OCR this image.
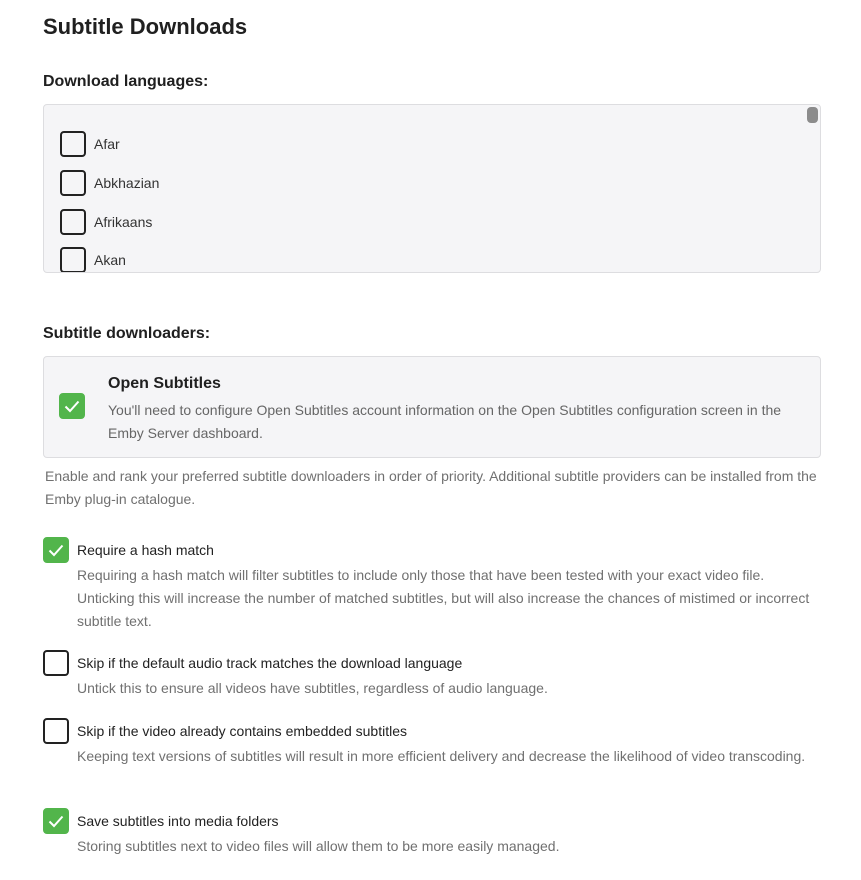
Subtitle Downloads
Download languages:
Afar
Abkhazian
Afrikaans
Akan
Subtitle downloaders:
Open Subtitles
You'll need to configure Open Subtitles account information on the Open Subtitles configuration screen in the Emby Server dashboard.
Enable and rank your preferred subtitle downloaders in order of priority. Additional subtitle providers can be installed from the Emby plug-in catalogue.
Require a hash match
Requiring a hash match will filter subtitles to include only those that have been tested with your exact video file. Unticking this will increase the number of matched subtitles, but will also increase the chances of mistimed or incorrect subtitle text.
Skip if the default audio track matches the download language
Untick this to ensure all videos have subtitles, regardless of audio language.
Skip if the video already contains embedded subtitles
Keeping text versions of subtitles will result in more efficient delivery and decrease the likelihood of video transcoding.
Save subtitles into media folders
Storing subtitles next to video files will allow them to be more easily managed.
